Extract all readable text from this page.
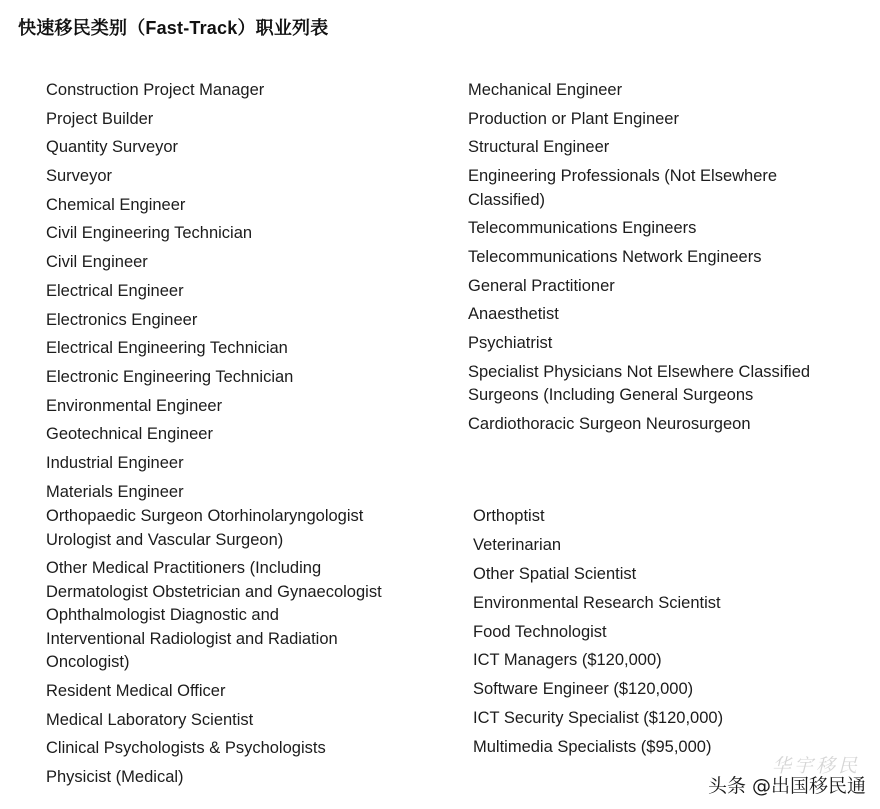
快速移民类别（Fast-Track）职业列表
Construction Project Manager
Project Builder
Quantity Surveyor
Surveyor
Chemical Engineer
Civil Engineering Technician
Civil Engineer
Electrical Engineer
Electronics Engineer
Electrical Engineering Technician
Electronic Engineering Technician
Environmental Engineer
Geotechnical Engineer
Industrial Engineer
Materials Engineer
Mechanical Engineer
Production or Plant Engineer
Structural Engineer
Engineering Professionals (Not Elsewhere
Classified)
Telecommunications Engineers
Telecommunications Network Engineers
General Practitioner
Anaesthetist
Psychiatrist
Specialist Physicians Not Elsewhere Classified
Surgeons (Including General Surgeons
Cardiothoracic Surgeon Neurosurgeon
Orthopaedic Surgeon Otorhinolaryngologist
Urologist and Vascular Surgeon)
Other Medical Practitioners (Including
Dermatologist Obstetrician and Gynaecologist
Ophthalmologist Diagnostic and
Interventional Radiologist and Radiation
Oncologist)
Resident Medical Officer
Medical Laboratory Scientist
Clinical Psychologists & Psychologists
Physicist (Medical)
Orthoptist
Veterinarian
Other Spatial Scientist
Environmental Research Scientist
Food Technologist
ICT Managers ($120,000)
Software Engineer ($120,000)
ICT Security Specialist ($120,000)
Multimedia Specialists ($95,000)
华宇移民
头条 @出国移民通
